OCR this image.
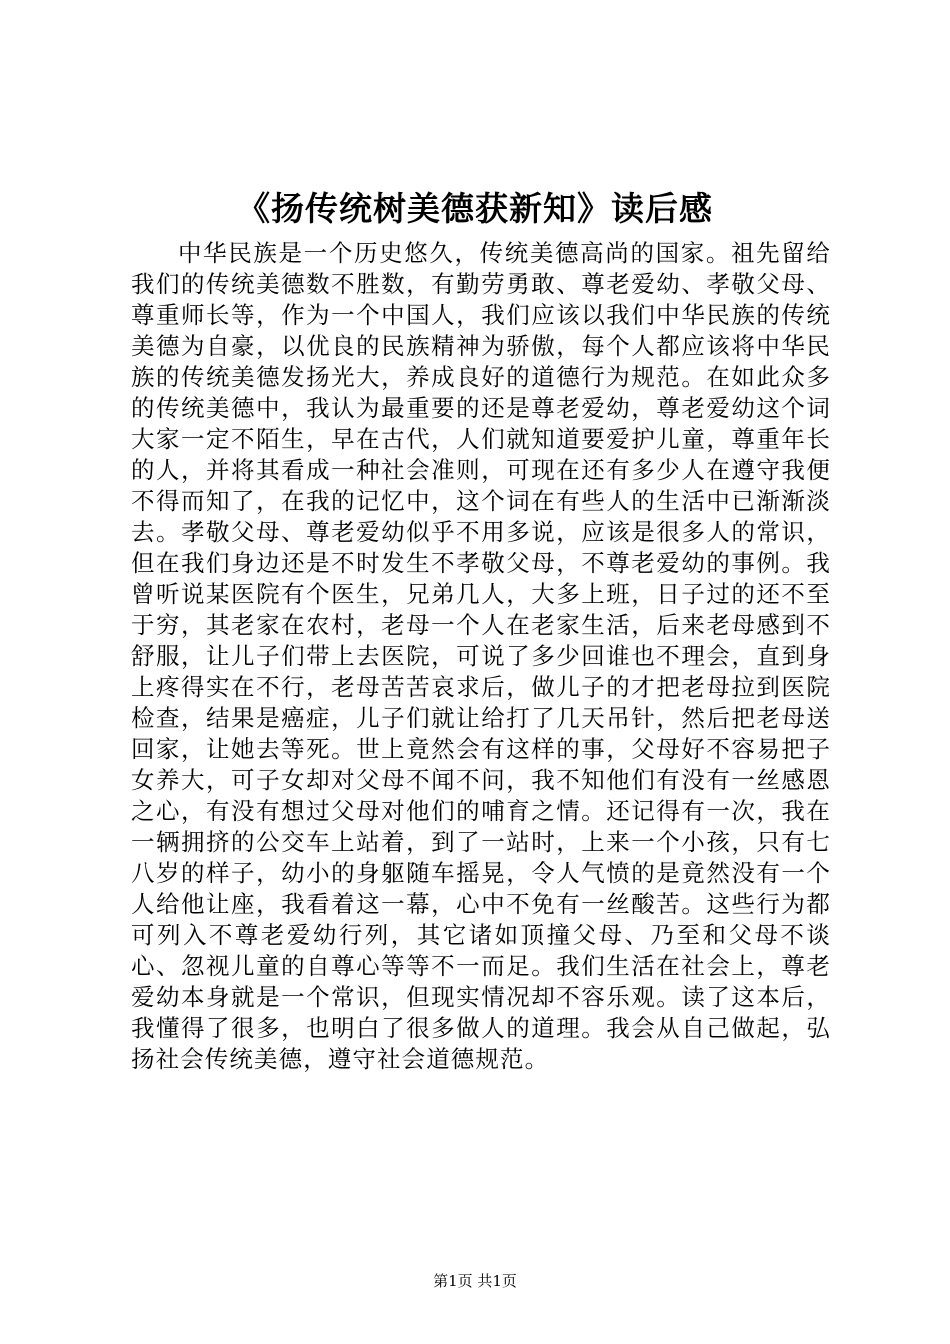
《扬传统树美德获新知》读后感

中华民族是一个历史悠久，传统美德高尚的国家。祖先留给我们的传统美德数不胜数，有勤劳勇敢、尊老爱幼、孝敬父母、尊重师长等，作为一个中国人，我们应该以我们中华民族的传统美德为自豪，以优良的民族精神为骄傲，每个人都应该将中华民族的传统美德发扬光大，养成良好的道德行为规范。在如此众多的传统美德中，我认为最重要的还是尊老爱幼，尊老爱幼这个词大家一定不陌生，早在古代，人们就知道要爱护儿童，尊重年长的人，并将其看成一种社会准则，可现在还有多少人在遵守我便不得而知了，在我的记忆中，这个词在有些人的生活中已渐渐淡去。孝敬父母、尊老爱幼似乎不用多说，应该是很多人的常识，但在我们身边还是不时发生不孝敬父母，不尊老爱幼的事例。我曾听说某医院有个医生，兄弟几人，大多上班，日子过的还不至于穷，其老家在农村，老母一个人在老家生活，后来老母感到不舒服，让儿子们带上去医院，可说了多少回谁也不理会，直到身上疼得实在不行，老母苦苦哀求后，做儿子的才把老母拉到医院检查，结果是癌症，儿子们就让给打了几天吊针，然后把老母送回家，让她去等死。世上竟然会有这样的事，父母好不容易把子女养大，可子女却对父母不闻不问，我不知他们有没有一丝感恩之心，有没有想过父母对他们的哺育之情。还记得有一次，我在一辆拥挤的公交车上站着，到了一站时，上来一个小孩，只有七八岁的样子，幼小的身躯随车摇晃，令人气愤的是竟然没有一个人给他让座，我看着这一幕，心中不免有一丝酸苦。这些行为都可列入不尊老爱幼行列，其它诸如顶撞父母、乃至和父母不谈心、忽视儿童的自尊心等等不一而足。我们生活在社会上，尊老爱幼本身就是一个常识，但现实情况却不容乐观。读了这本后，我懂得了很多，也明白了很多做人的道理。我会从自己做起，弘扬社会传统美德，遵守社会道德规范。

第1页 共1页
